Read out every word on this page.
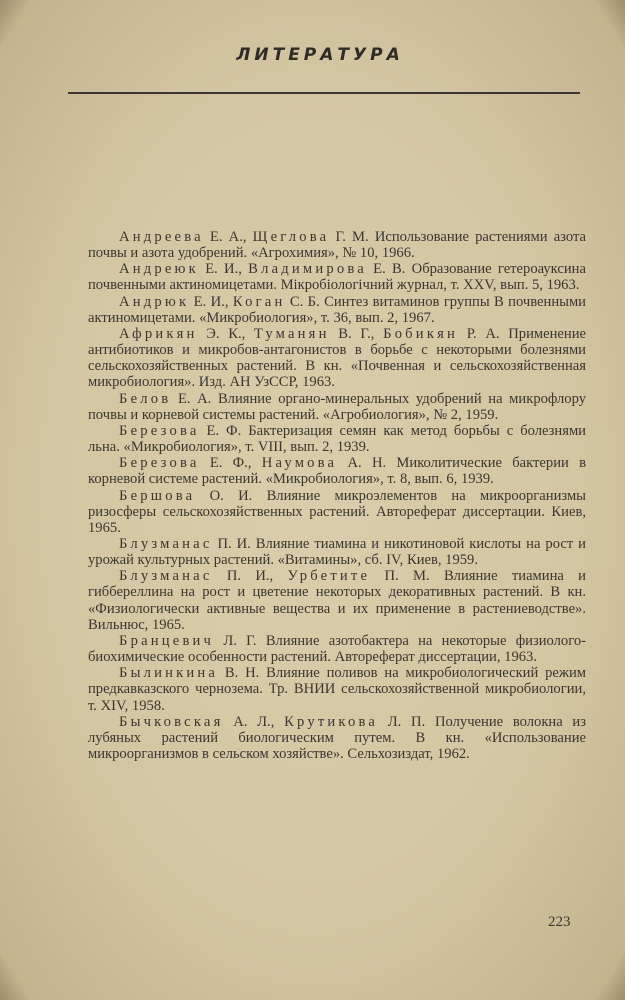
ЛИТЕРАТУРА

Андреева Е. А., Щеглова Г. М. Использование растениями азота почвы и азота удобрений. «Агрохимия», № 10, 1966.

Андреюк Е. И., Владимирова Е. В. Образование гетероауксина почвенными актиномицетами. Мікробіологічний журнал, т. XXV, вып. 5, 1963.

Андрюк Е. И., Коган С. Б. Синтез витаминов группы В почвенными актиномицетами. «Микробиология», т. 36, вып. 2, 1967.

Африкян Э. К., Туманян В. Г., Бобикян Р. А. Применение антибиотиков и микробов-антагонистов в борьбе с некоторыми болезнями сельскохозяйственных растений. В кн. «Почвенная и сельскохозяйственная микробиология». Изд. АН УзССР, 1963.

Белов Е. А. Влияние органо-минеральных удобрений на микрофлору почвы и корневой системы растений. «Агробиология», № 2, 1959.

Березова Е. Ф. Бактеризация семян как метод борьбы с болезнями льна. «Микробиология», т. VIII, вып. 2, 1939.

Березова Е. Ф., Наумова А. Н. Миколитические бактерии в корневой системе растений. «Микробиология», т. 8, вып. 6, 1939.

Бершова О. И. Влияние микроэлементов на микроорганизмы ризосферы сельскохозяйственных растений. Автореферат диссертации. Киев, 1965.

Блузманас П. И. Влияние тиамина и никотиновой кислоты на рост и урожай культурных растений. «Витамины», сб. IV, Киев, 1959.

Блузманас П. И., Урбетите П. М. Влияние тиамина и гиббереллина на рост и цветение некоторых декоративных растений. В кн. «Физиологически активные вещества и их применение в растениеводстве». Вильнюс, 1965.

Бранцевич Л. Г. Влияние азотобактера на некоторые физиолого-биохимические особенности растений. Автореферат диссертации, 1963.

Былинкина В. Н. Влияние поливов на микробиологический режим предкавказского чернозема. Тр. ВНИИ сельскохозяйственной микробиологии, т. XIV, 1958.

Бычковская А. Л., Крутикова Л. П. Получение волокна из лубяных растений биологическим путем. В кн. «Использование микроорганизмов в сельском хозяйстве». Сельхозиздат, 1962.

223
